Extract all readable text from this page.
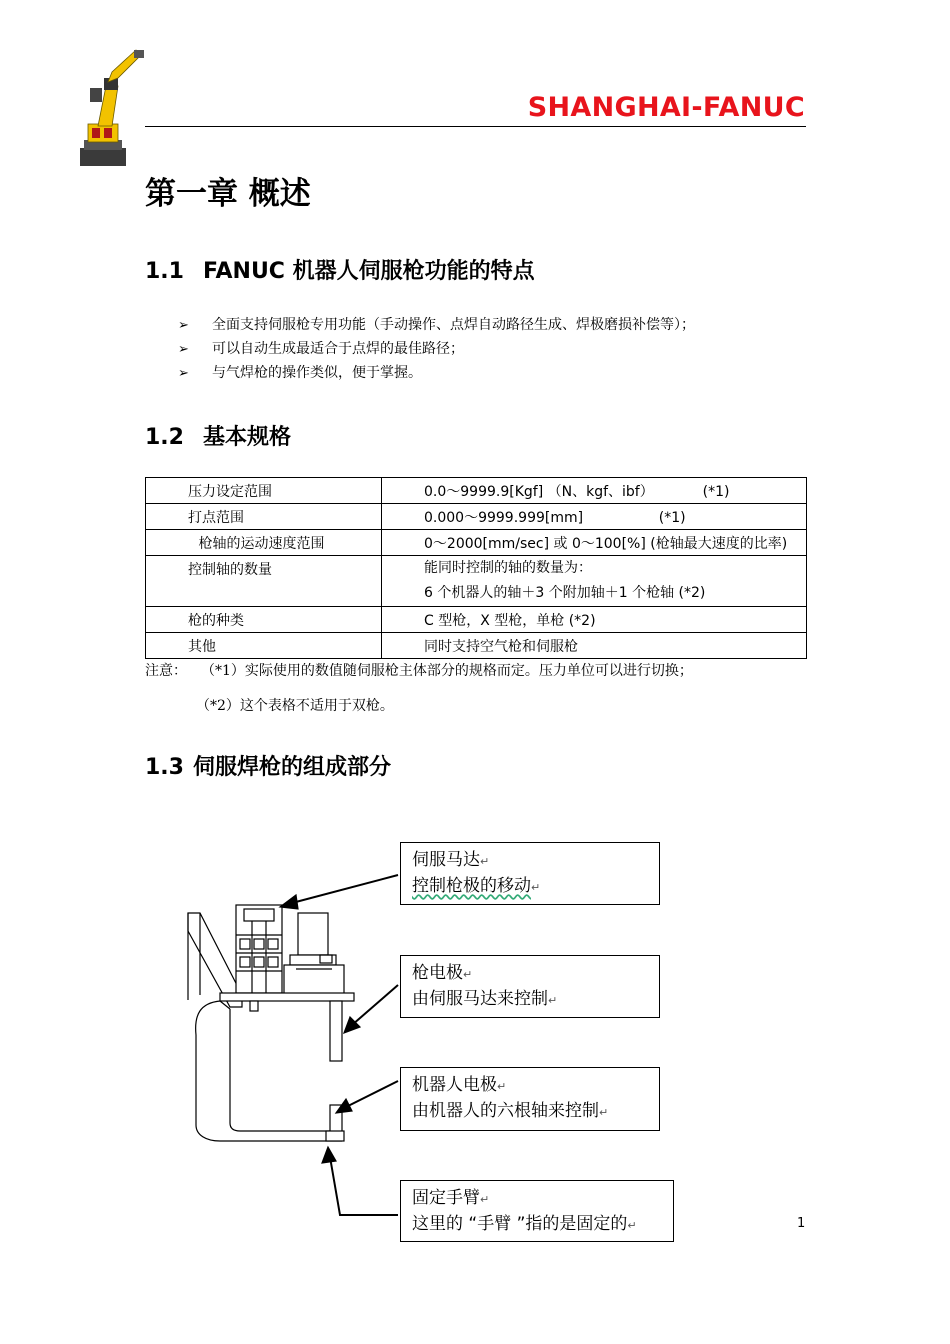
SHANGHAI-FANUC
第一章 概述
1.1 FANUC 机器人伺服枪功能的特点
➢ 全面支持伺服枪专用功能（手动操作、点焊自动路径生成、焊极磨损补偿等）；
➢ 可以自动生成最适合于点焊的最佳路径；
➢ 与气焊枪的操作类似，便于掌握。
1.2 基本规格
压力设定范围	0.0～9999.9[Kgf] （N、kgf、ibf）           (*1)
打点范围	0.000～9999.999[mm]                 (*1)
枪轴的运动速度范围	0～2000[mm/sec] 或 0～100[%] (枪轴最大速度的比率)
控制轴的数量	能同时控制的轴的数量为：
6 个机器人的轴＋3 个附加轴＋1 个枪轴 (*2)

枪的种类	C 型枪，X 型枪，单枪 (*2)
其他	同时支持空气枪和伺服枪
注意： （*1）实际使用的数值随伺服枪主体部分的规格而定。压力单位可以进行切换；
（*2）这个表格不适用于双枪。
1.3 伺服焊枪的组成部分
伺服马达↵
控制枪极的移动↵
枪电极↵
由伺服马达来控制↵
机器人电极↵
由机器人的六根轴来控制↵
固定手臂↵
这里的 “手臂 ”指的是固定的↵	1
